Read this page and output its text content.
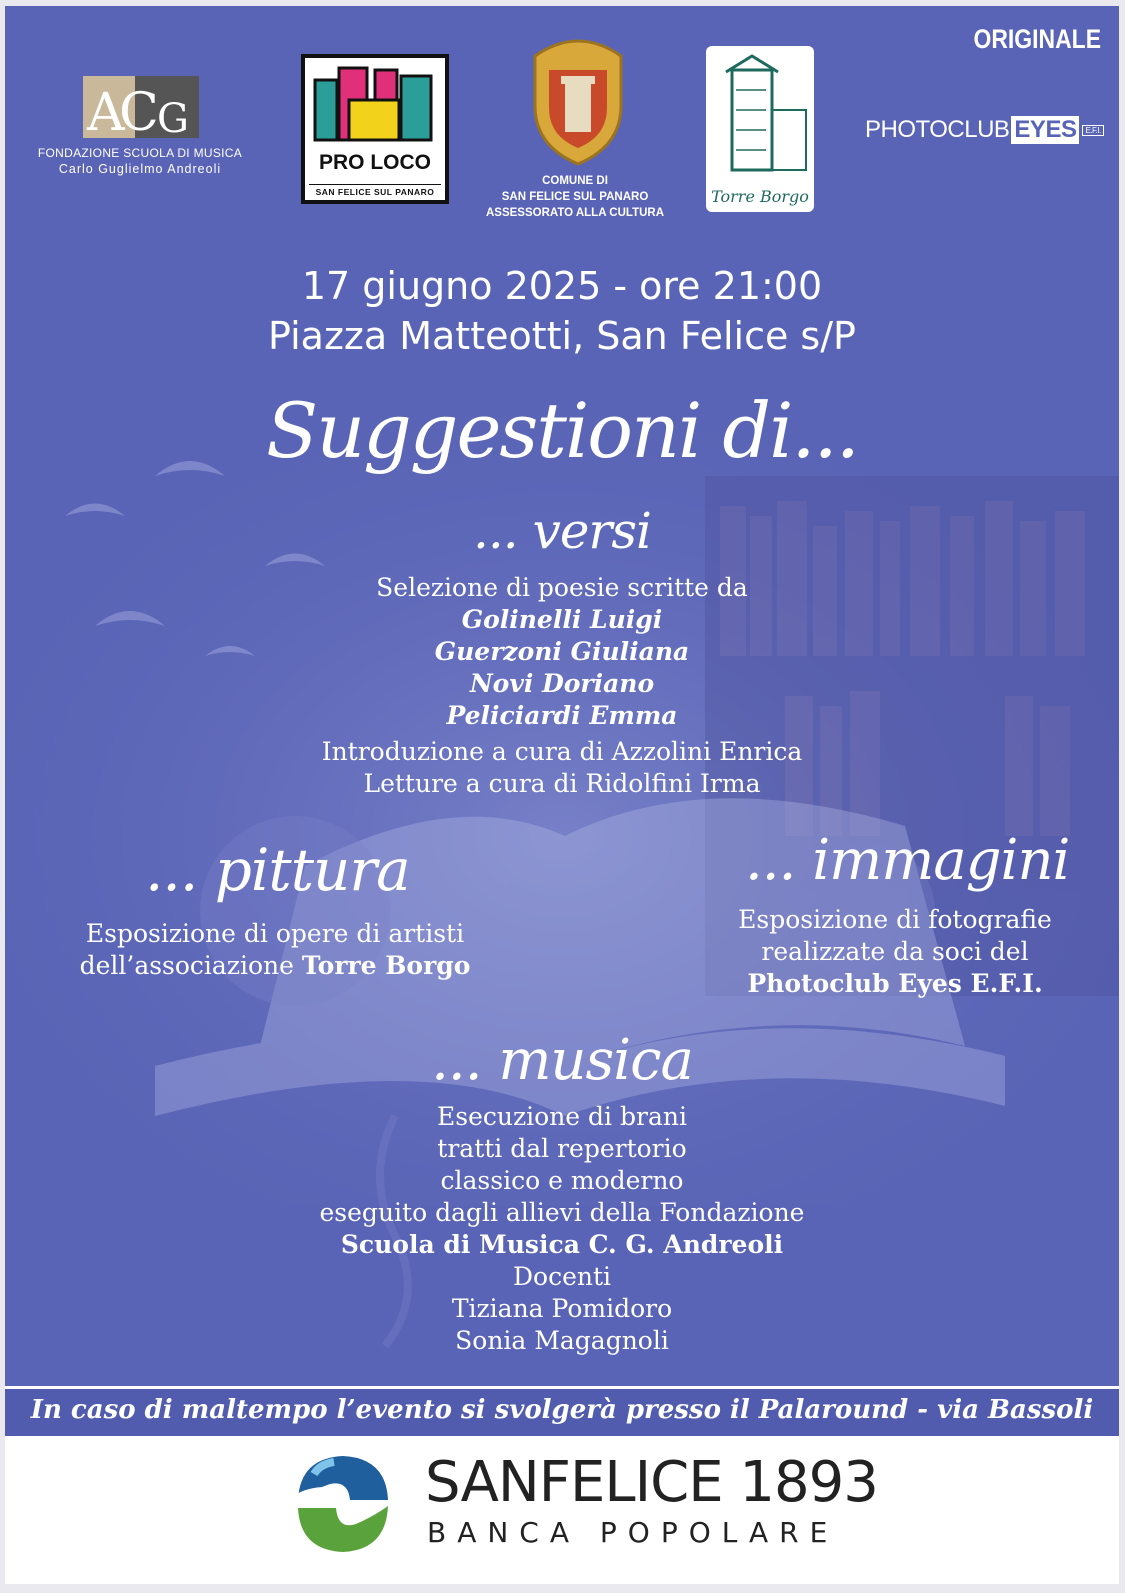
ORIGINALE
A
C
G
FONDAZIONE SCUOLA DI MUSICA
Carlo Guglielmo Andreoli	PRO LOCO
SAN FELICE SUL PANARO
COMUNE DI
SAN FELICE SUL PANARO
ASSESSORATO ALLA CULTURA
Torre Borgo
PHOTOCLUB EYES E.F.I.
17 giugno 2025 - ore 21:00
Piazza Matteotti, San Felice s/P
Suggestioni di...
... versi
Selezione di poesie scritte da
Golinelli Luigi
Guerzoni Giuliana
Novi Doriano
Peliciardi Emma
Introduzione a cura di Azzolini Enrica
Letture a cura di Ridolfini Irma
... pittura
Esposizione di opere di artisti
dell’associazione Torre Borgo
... immagini
Esposizione di fotografie
realizzate da soci del
Photoclub Eyes E.F.I.
... musica
Esecuzione di brani
tratti dal repertorio
classico e moderno
eseguito dagli allievi della Fondazione
Scuola di Musica C. G. Andreoli
Docenti
Tiziana Pomidoro
Sonia Magagnoli
In caso di maltempo l’evento si svolgerà presso il Palaround - via Bassoli
SANFELICE 1893
BANCA POPOLARE
